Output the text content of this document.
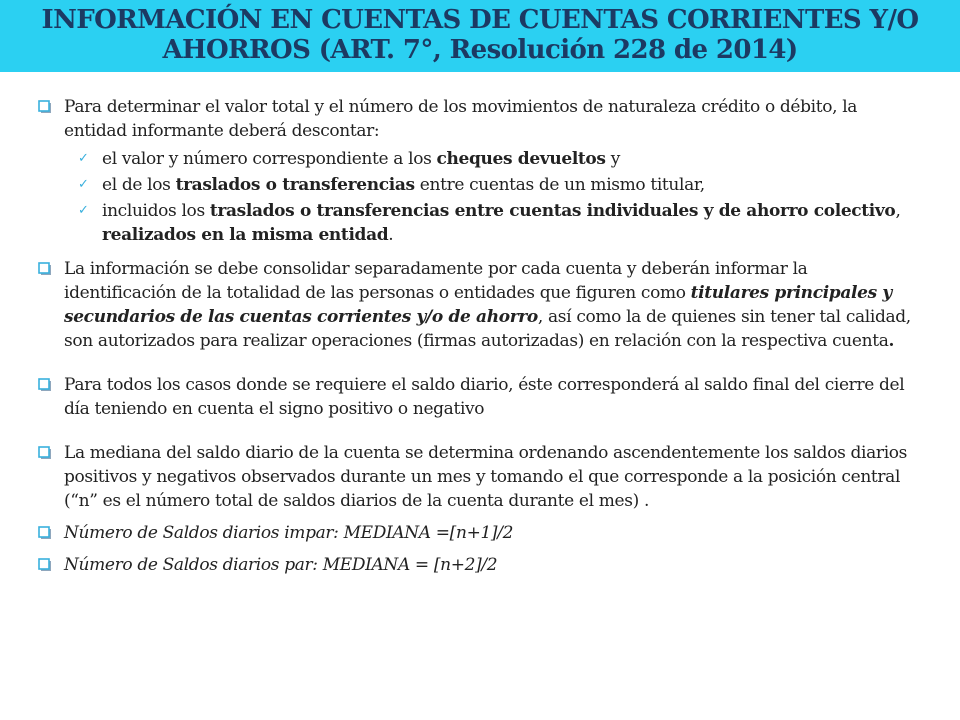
INFORMACIÓN EN CUENTAS DE CUENTAS CORRIENTES Y/O
AHORROS (ART. 7°, Resolución 228 de 2014)
Para determinar el valor total y el número de los movimientos de naturaleza crédito o débito, la entidad informante deberá descontar:
✓ el valor y número correspondiente a los cheques devueltos y
✓ el de los traslados o transferencias entre cuentas de un mismo titular,
✓ incluidos los traslados o transferencias entre cuentas individuales y de ahorro colectivo, realizados en la misma entidad.
La información se debe consolidar separadamente por cada cuenta y deberán informar la identificación de la totalidad de las personas o entidades que figuren como titulares principales y secundarios de las cuentas corrientes y/o de ahorro, así como la de quienes sin tener tal calidad, son autorizados para realizar operaciones (firmas autorizadas) en relación con la respectiva cuenta.
Para todos los casos donde se requiere el saldo diario, éste corresponderá al saldo final del cierre del día teniendo en cuenta el signo positivo o negativo
La mediana del saldo diario de la cuenta se determina ordenando ascendentemente los saldos diarios positivos y negativos observados durante un mes y tomando el que corresponde a la posición central (“n” es el número total de saldos diarios de la cuenta durante el mes) .
Número de Saldos diarios impar: MEDIANA =[n+1]/2
Número de Saldos diarios par: MEDIANA = [n+2]/2
